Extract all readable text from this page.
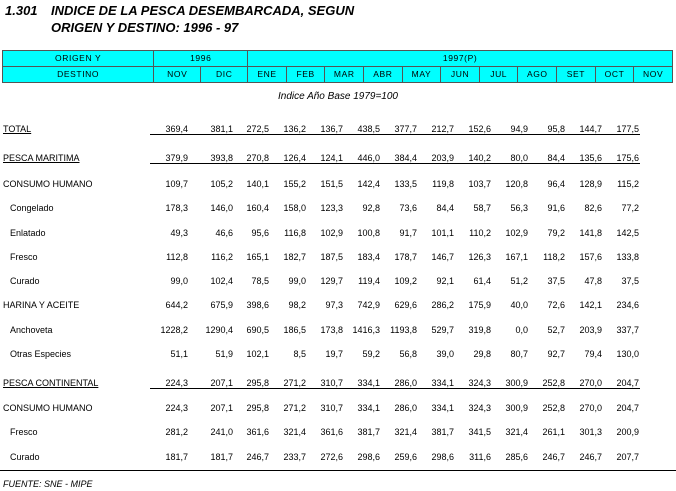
1.301 INDICE DE LA PESCA DESEMBARCADA, SEGUN
ORIGEN Y DESTINO: 1996 - 97
ORIGEN Y	1996		1997(P)										
DESTINO	NOV	DIC	ENE	FEB	MAR	ABR	MAY	JUN	JUL	AGO	SET	OCT	NOV
Indice Año Base 1979=100
TOTAL	369,4 381,1 272,5 136,2 136,7 438,5 377,7 212,7 152,6 94,9 95,8 144,7 177,5
PESCA MARITIMA	379,9 393,8 270,8 126,4 124,1 446,0 384,4 203,9 140,2 80,0 84,4 135,6 175,6
CONSUMO HUMANO	109,7 105,2 140,1 155,2 151,5 142,4 133,5 119,8 103,7 120,8 96,4 128,9 115,2
Congelado	178,3 146,0 160,4 158,0 123,3 92,8 73,6 84,4 58,7 56,3 91,6 82,6 77,2
Enlatado	49,3	46,6 95,6 116,8 102,9 100,8 91,7 101,1 110,2 102,9 79,2 141,8 142,5
Fresco	112,8	116,2 165,1 182,7 187,5 183,4 178,7 146,7 126,3 167,1 118,2 157,6 133,8
Curado	99,0 102,4 78,5 99,0 129,7 119,4 109,2 92,1 61,4 51,2 37,5 47,8 37,5
HARINA Y ACEITE	644,2 675,9 398,6 98,2 97,3 742,9 629,6 286,2 175,9 40,0 72,6 142,1 234,6
Anchoveta	1228,2 1290,4 690,5 186,5 173,8 1416,3 1193,8 529,7 319,8	0,0 52,7 203,9 337,7
Otras Especies	51,1	51,9 102,1	8,5 19,7 59,2 56,8 39,0 29,8 80,7 92,7 79,4 130,0
PESCA CONTINENTAL	224,3 207,1 295,8 271,2 310,7 334,1 286,0 334,1 324,3 300,9 252,8 270,0 204,7
CONSUMO HUMANO	224,3 207,1 295,8 271,2 310,7 334,1 286,0 334,1 324,3 300,9 252,8 270,0 204,7
Fresco	281,2 241,0 361,6 321,4 361,6 381,7 321,4 381,7 341,5 321,4 261,1 301,3 200,9
Curado	181,7 181,7 246,7 233,7 272,6 298,6 259,6 298,6 311,6 285,6 246,7 246,7 207,7
FUENTE: SNE - MIPE
